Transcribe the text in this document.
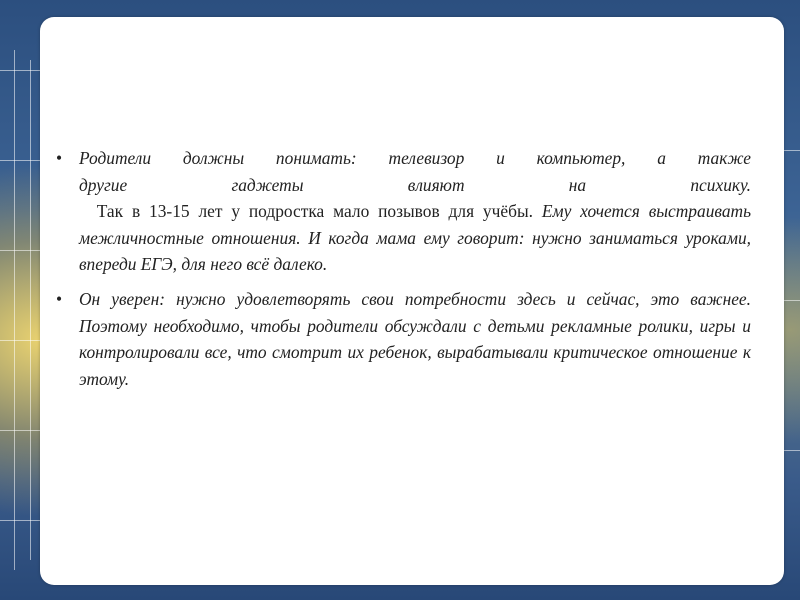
• Родители должны понимать: телевизор и компьютер, а также
другие гаджеты влияют на психику.
Так в 13-15 лет у подростка мало позывов для учёбы. Ему хочется выстраивать межличностные отношения. И когда мама ему говорит: нужно заниматься уроками, впереди ЕГЭ, для него всё далеко.
• Он уверен: нужно удовлетворять свои потребности здесь и сейчас, это важнее. Поэтому необходимо, чтобы родители обсуждали с детьми рекламные ролики, игры и контролировали все, что смотрит их ребенок, вырабатывали критическое отношение к этому.
